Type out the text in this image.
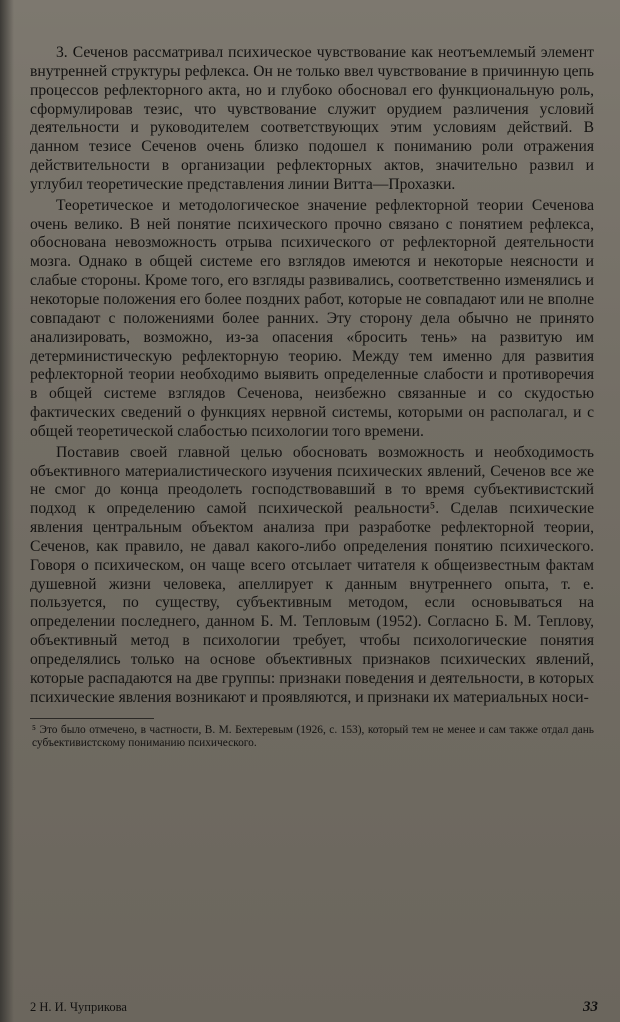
3. Сеченов рассматривал психическое чувствование как неотъемлемый элемент внутренней структуры рефлекса. Он не только ввел чувствование в причинную цепь процессов рефлекторного акта, но и глубоко обосновал его функциональную роль, сформулировав тезис, что чувствование служит орудием различения условий деятельности и руководителем соответствующих этим условиям действий. В данном тезисе Сеченов очень близко подошел к пониманию роли отражения действительности в организации рефлекторных актов, значительно развил и углубил теоретические представления линии Витта—Прохазки.

Теоретическое и методологическое значение рефлекторной теории Сеченова очень велико. В ней понятие психического прочно связано с понятием рефлекса, обоснована невозможность отрыва психического от рефлекторной деятельности мозга. Однако в общей системе его взглядов имеются и некоторые неясности и слабые стороны. Кроме того, его взгляды развивались, соответственно изменялись и некоторые положения его более поздних работ, которые не совпадают или не вполне совпадают с положениями более ранних. Эту сторону дела обычно не принято анализировать, возможно, из-за опасения «бросить тень» на развитую им детерминистическую рефлекторную теорию. Между тем именно для развития рефлекторной теории необходимо выявить определенные слабости и противоречия в общей системе взглядов Сеченова, неизбежно связанные и со скудостью фактических сведений о функциях нервной системы, которыми он располагал, и с общей теоретической слабостью психологии того времени.

Поставив своей главной целью обосновать возможность и необходимость объективного материалистического изучения психических явлений, Сеченов все же не смог до конца преодолеть господствовавший в то время субъективистский подход к определению самой психической реальности⁵. Сделав психические явления центральным объектом анализа при разработке рефлекторной теории, Сеченов, как правило, не давал какого-либо определения понятию психического. Говоря о психическом, он чаще всего отсылает читателя к общеизвестным фактам душевной жизни человека, апеллирует к данным внутреннего опыта, т. е. пользуется, по существу, субъективным методом, если основываться на определении последнего, данном Б. М. Тепловым (1952). Согласно Б. М. Теплову, объективный метод в психологии требует, чтобы психологические понятия определялись только на основе объективных признаков психических явлений, которые распадаются на две группы: признаки поведения и деятельности, в которых психические явления возникают и проявляются, и признаки их материальных носи-

⁵ Это было отмечено, в частности, В. М. Бехтеревым (1926, с. 153), который тем не менее и сам также отдал дань субъективистскому пониманию психического.

2 Н. И. Чуприкова	33
